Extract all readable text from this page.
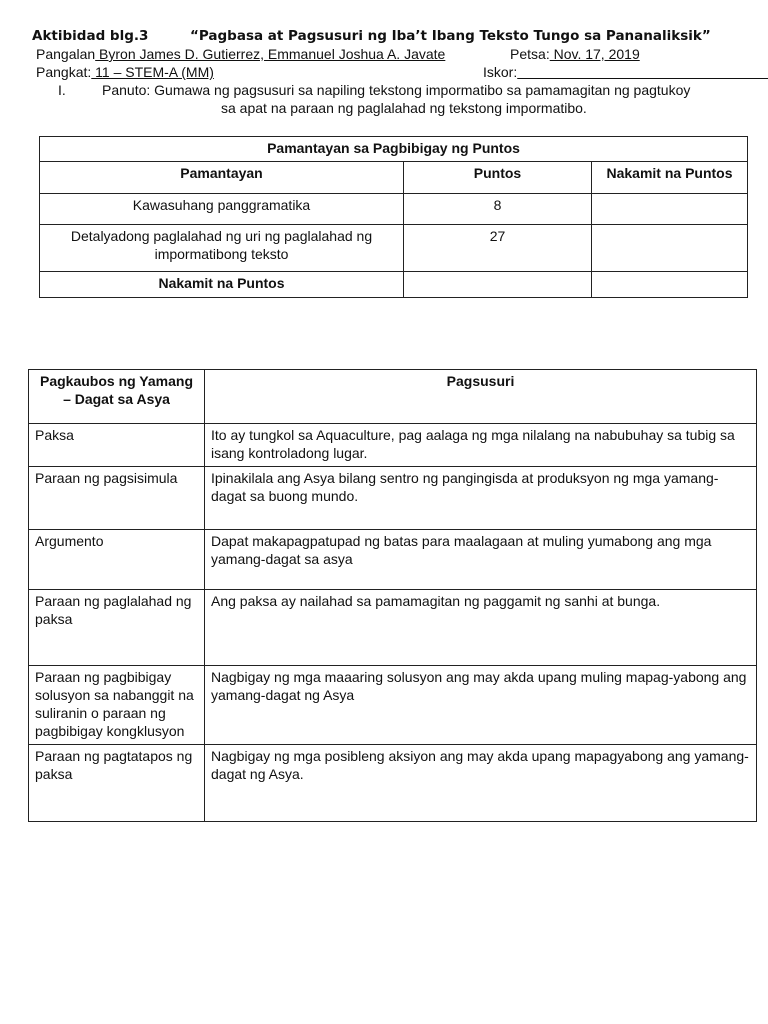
Aktibidad blg.3	“Pagbasa at Pagsusuri ng Iba’t Ibang Teksto Tungo sa Pananaliksik”
Pangalan Byron James D. Gutierrez, Emmanuel Joshua A. Javate	Petsa: Nov. 17, 2019
Pangkat: 11 – STEM-A (MM)	Iskor:
I.	Panuto: Gumawa ng pagsusuri sa napiling tekstong impormatibo sa pamamagitan ng pagtukoy
sa apat na paraan ng paglalahad ng tekstong impormatibo.
Pamantayan sa Pagbibigay ng Puntos		
Pamantayan	Puntos	Nakamit na Puntos
Kawasuhang panggramatika	8	
Detalyadong paglalahad ng uri ng paglalahad ng impormatibong teksto	27	
Nakamit na Puntos		
Pagkaubos ng Yamang – Dagat sa Asya	Pagsusuri
Paksa	Ito ay tungkol sa Aquaculture, pag aalaga ng mga nilalang na nabubuhay sa tubig sa isang kontroladong lugar.
Paraan ng pagsisimula	Ipinakilala ang Asya bilang sentro ng pangingisda at produksyon ng mga yamang-dagat sa buong mundo.
Argumento	Dapat makapagpatupad ng batas para maalagaan at muling yumabong ang mga yamang-dagat sa asya
Paraan ng paglalahad ng paksa	Ang paksa ay nailahad sa pamamagitan ng paggamit ng sanhi at bunga.
Paraan ng pagbibigay solusyon sa nabanggit na suliranin o paraan ng pagbibigay kongklusyon	Nagbigay ng mga maaaring solusyon ang may akda upang muling mapag-yabong ang yamang-dagat ng Asya
Paraan ng pagtatapos ng paksa	Nagbigay ng mga posibleng aksiyon ang may akda upang mapagyabong ang yamang-dagat ng Asya.
